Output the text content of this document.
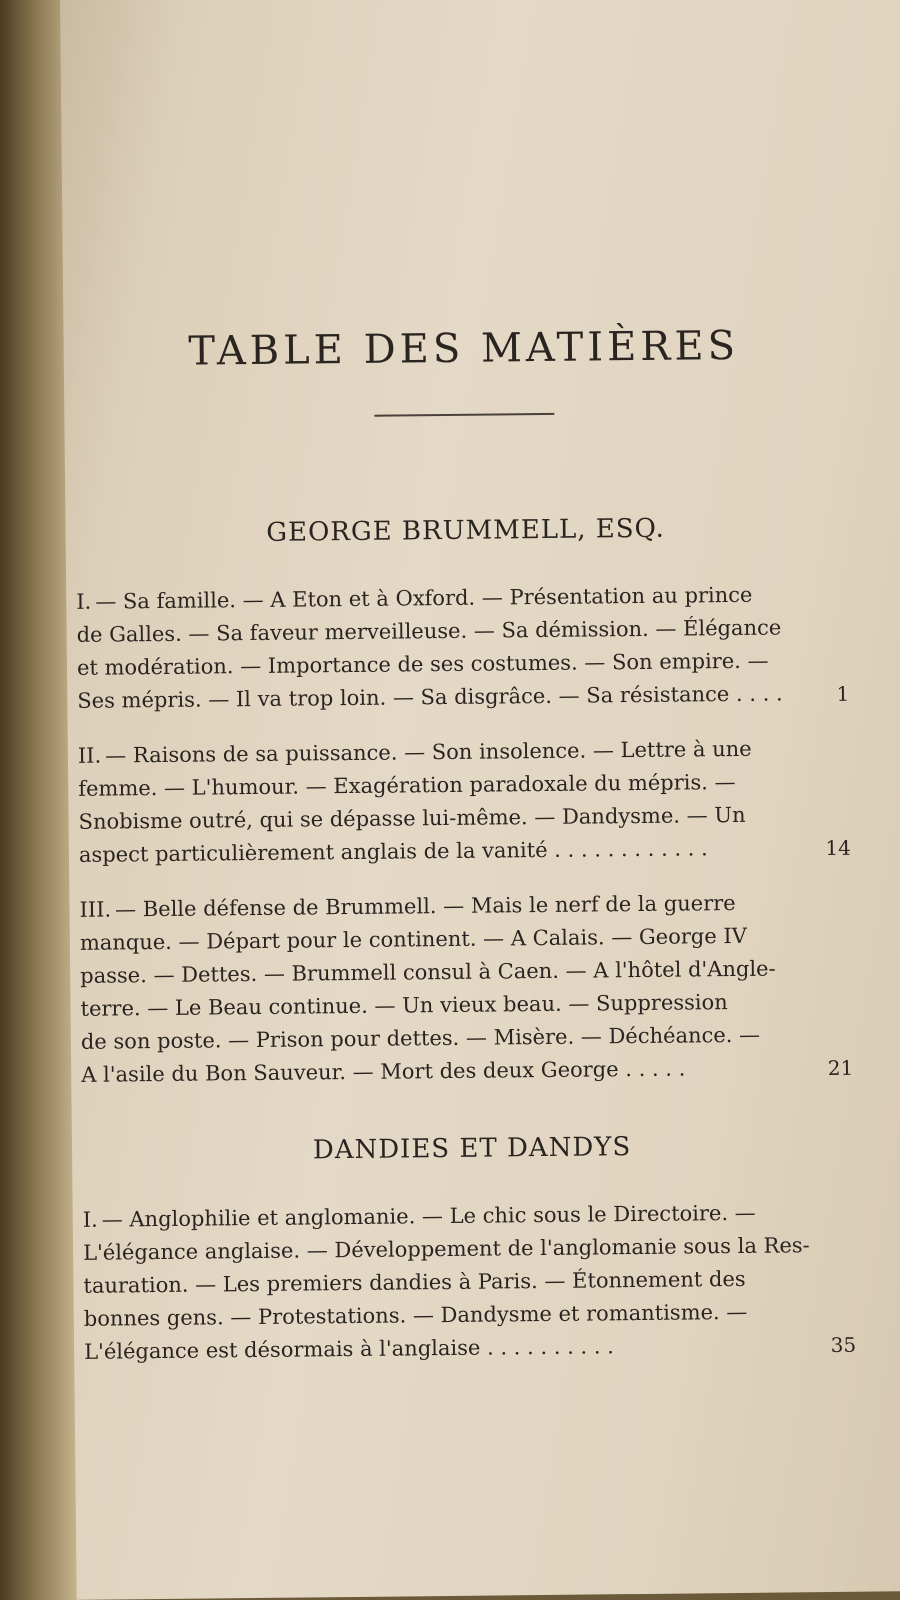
TABLE DES MATIÈRES
GEORGE BRUMMELL, ESQ.
I. — Sa famille. — A Eton et à Oxford. — Présentation au prince
de Galles. — Sa faveur merveilleuse. — Sa démission. — Élégance
et modération. — Importance de ses costumes. — Son empire. —
Ses mépris. — Il va trop loin. — Sa disgrâce. — Sa résistance . . . .	1
II. — Raisons de sa puissance. — Son insolence. — Lettre à une
femme. — L'humour. — Exagération paradoxale du mépris. —
Snobisme outré, qui se dépasse lui-même. — Dandysme. — Un
aspect particulièrement anglais de la vanité . . . . . . . . . . . .	14
III. — Belle défense de Brummell. — Mais le nerf de la guerre
manque. — Départ pour le continent. — A Calais. — George IV
passe. — Dettes. — Brummell consul à Caen. — A l'hôtel d'Angle-
terre. — Le Beau continue. — Un vieux beau. — Suppression
de son poste. — Prison pour dettes. — Misère. — Déchéance. —
A l'asile du Bon Sauveur. — Mort des deux George . . . . .	21
DANDIES ET DANDYS
I. — Anglophilie et anglomanie. — Le chic sous le Directoire. —
L'élégance anglaise. — Développement de l'anglomanie sous la Res-
tauration. — Les premiers dandies à Paris. — Étonnement des
bonnes gens. — Protestations. — Dandysme et romantisme. —
L'élégance est désormais à l'anglaise . . . . . . . . . .	35
